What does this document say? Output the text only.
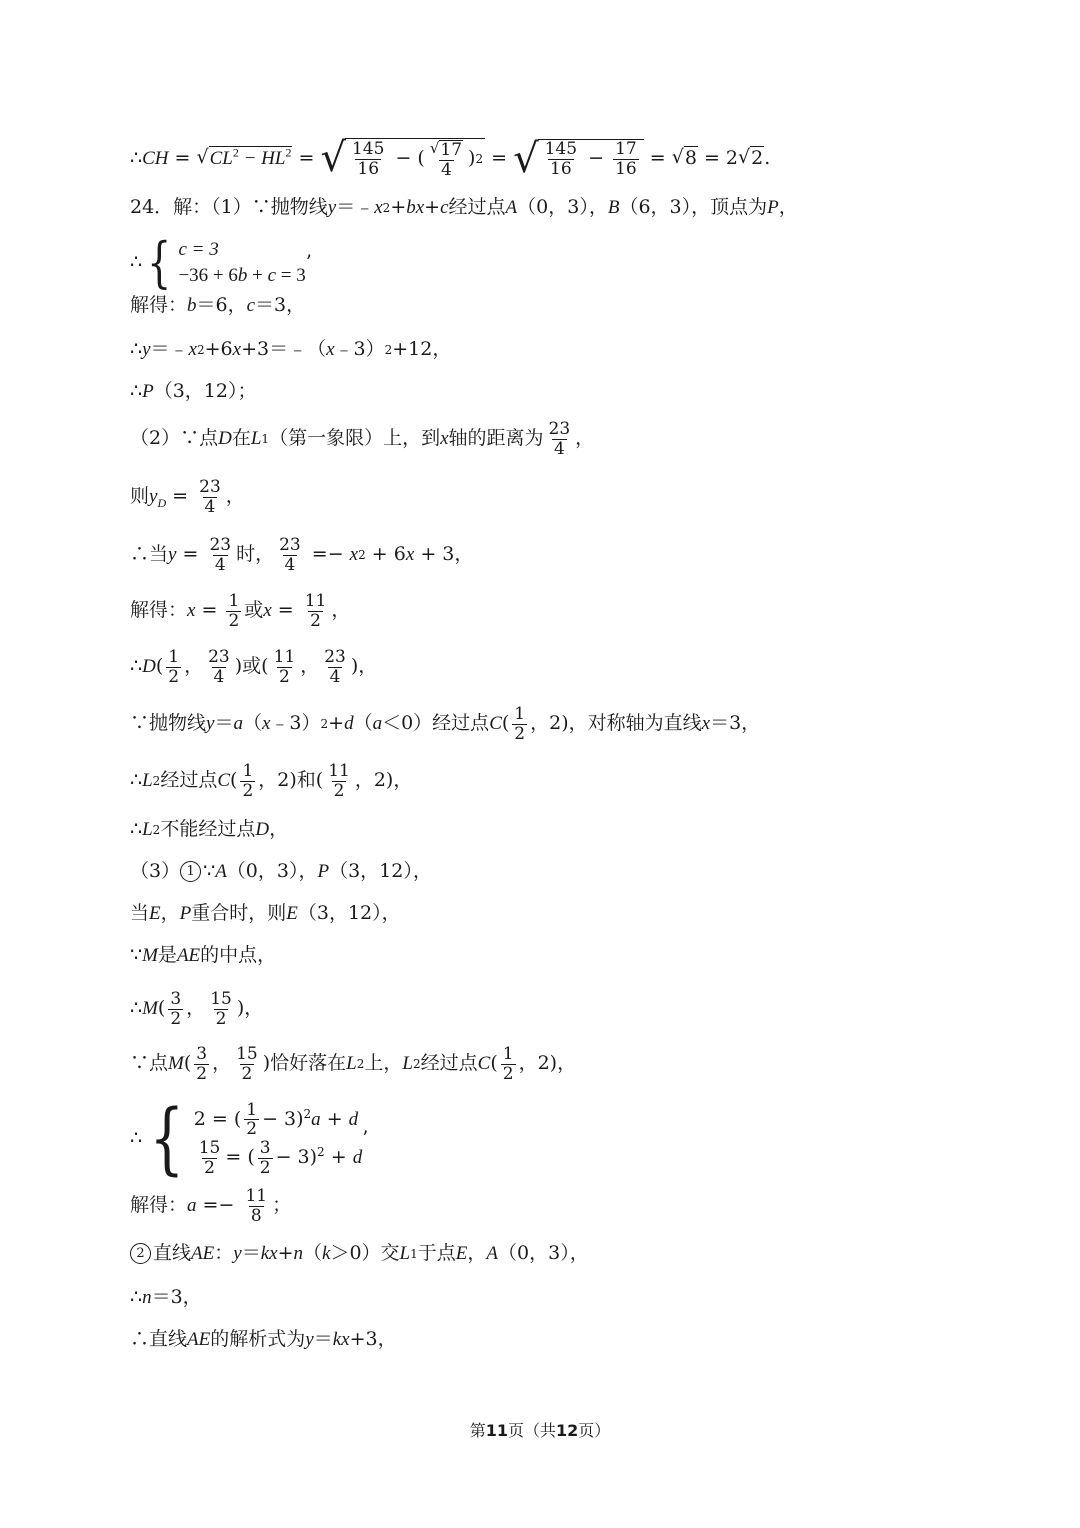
∴ CH = √ $CL^2 - HL^2$ = √ $\frac{145}{16}$ − ( $\frac{√ 17}{4}$ ) 2 = √ $\frac{145}{16} - \frac{17}{16}$ = √ 8 = 2 √ 2 .
24．解：（1）∵抛物线 y ＝﹣ x 2 + bx + c 经过点 A （0，3）， B （6，3），顶点为 P ，
∴ { c = 3
−36 + 6b + c = 3
’
解得： b ＝6， c ＝3，
∴ y ＝﹣ x 2 +6 x +3＝﹣（ x ﹣3） 2 +12，
∴ P （3，12）；
（2）∵点 D 在 L 1 （第一象限）上，到 x 轴的距离为 $\frac{23}{4}$ ，
则 $y_D = \frac{23}{4}$ ，
∴当 $y = \frac{23}{4}$ 时， $\frac{23}{4} =- x$ 2 + 6 x + 3，
解得： $x = \frac{1}{2}$ 或 $x = \frac{11}{2}$ ，
∴ D ( $\frac{1}{2}$ ， $\frac{23}{4}$ )或( $\frac{11}{2}$ ， $\frac{23}{4}$ )，
∵抛物线 y ＝ a （ x ﹣3） 2 + d （ a ＜0）经过点 C ( $\frac{1}{2}$ ，2)，对称轴为直线 x ＝3，
∴ L 2 经过点 C ( $\frac{1}{2}$ ，2)和( $\frac{11}{2}$ ，2)，
∴ L 2 不能经过点 D ，
（3） 1 ∵ A （0，3）， P （3，12），
当 E ， P 重合时，则 E （3，12），
∵ M 是 AE 的中点，
∴ M ( $\frac{3}{2}$ ， $\frac{15}{2}$ )，
∵点 M ( $\frac{3}{2}$ ， $\frac{15}{2}$ )恰好落在 L 2 上， L 2 经过点 C ( $\frac{1}{2}$ ，2)，
∴ { 2 = ( $\frac{1}{2} - 3)^2a + d$
$\frac{15}{2}$ = ( $\frac{3}{2} - 3)^2 + d$
’
解得： $a =- \frac{11}{8}$ ；
2 直线 AE ： y ＝ kx + n （ k ＞0）交 L 1 于点 E ， A （0，3），
∴ n ＝3，
∴直线 AE 的解析式为 y ＝ kx +3，
第11页（共12页）
